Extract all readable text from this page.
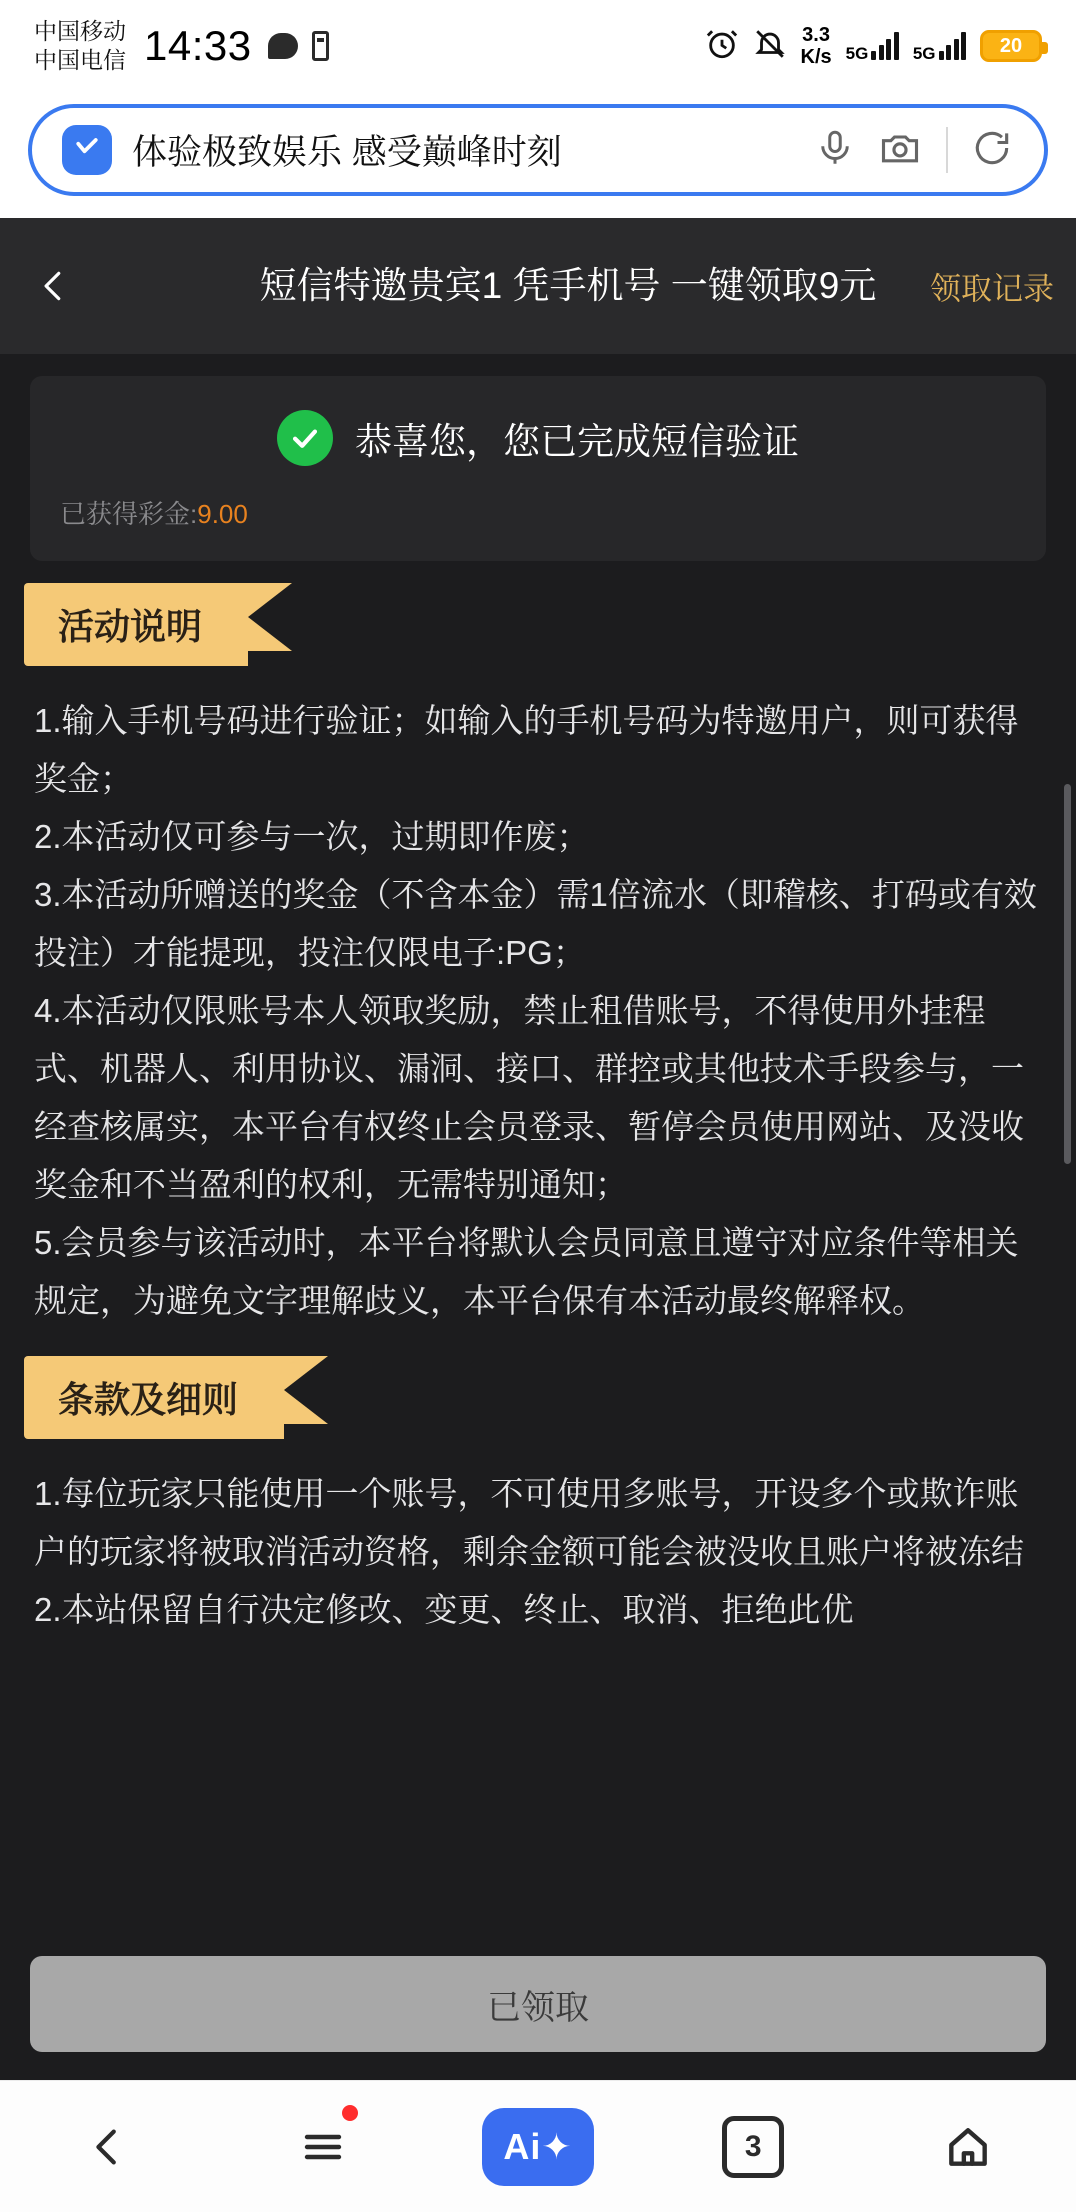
中国移动
中国电信 14:33	3.3
K/s 5G	5G	20
体验极致娱乐 感受巅峰时刻
短信特邀贵宾1 凭手机号 一键领取9元	领取记录
恭喜您，您已完成短信验证
已获得彩金:9.00
活动说明

1.输入手机号码进行验证；如输入的手机号码为特邀用户，则可获得奖金；

2.本活动仅可参与一次，过期即作废；

3.本活动所赠送的奖金（不含本金）需1倍流水（即稽核、打码或有效投注）才能提现，投注仅限电子:PG；

4.本活动仅限账号本人领取奖励，禁止租借账号，不得使用外挂程式、机器人、利用协议、漏洞、接口、群控或其他技术手段参与，一经查核属实，本平台有权终止会员登录、暂停会员使用网站、及没收奖金和不当盈利的权利，无需特别通知；

5.会员参与该活动时，本平台将默认会员同意且遵守对应条件等相关规定，为避免文字理解歧义，本平台保有本活动最终解释权。

条款及细则

1.每位玩家只能使用一个账号，不可使用多账号，开设多个或欺诈账户的玩家将被取消活动资格，剩余金额可能会被没收且账户将被冻结

2.本站保留自行决定修改、变更、终止、取消、拒绝此优

已领取
Ai✦	3
